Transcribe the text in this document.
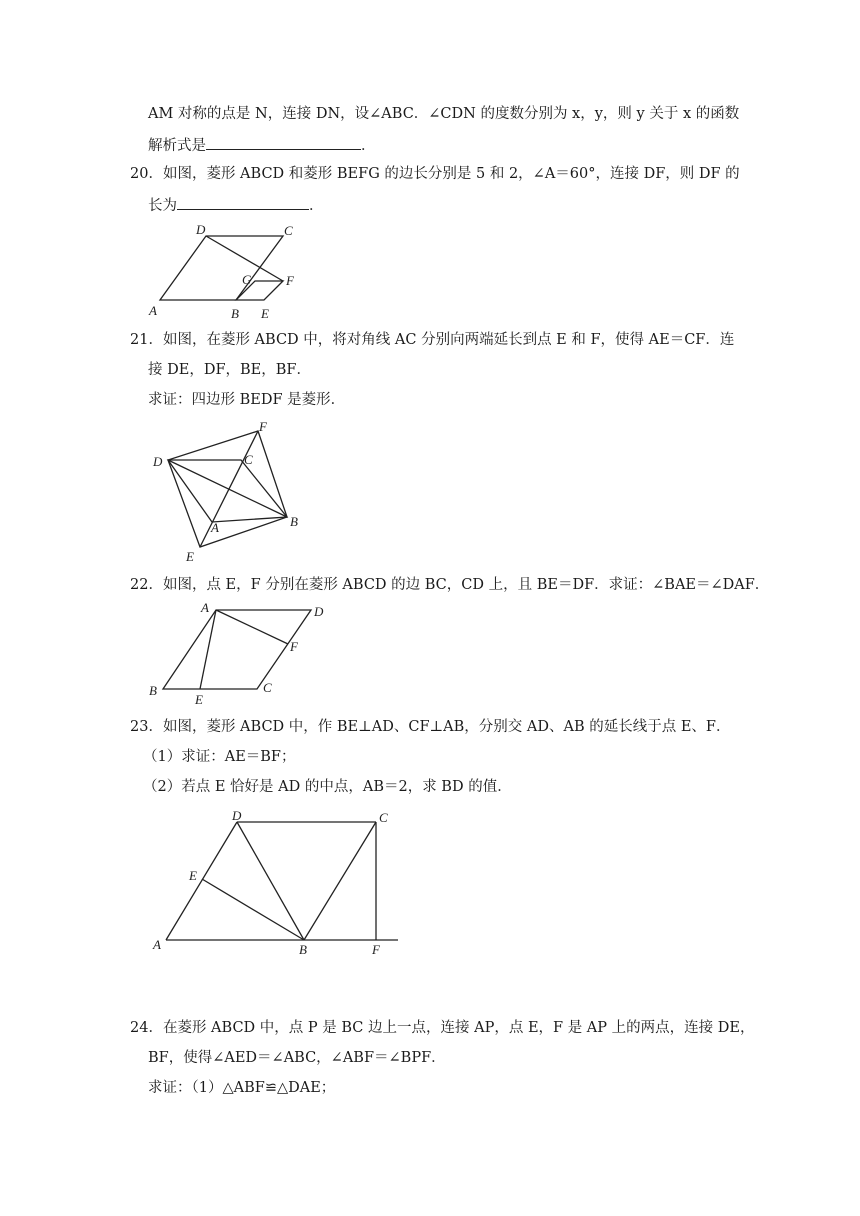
AM 对称的点是 N，连接 DN，设∠ABC．∠CDN 的度数分别为 x，y，则 y 关于 x 的函数
解析式是	．
20．如图，菱形 ABCD 和菱形 BEFG 的边长分别是 5 和 2，∠A＝60°，连接 DF，则 DF 的
长为	．
A	B
C
D
E
F
G
21．如图，在菱形 ABCD 中，将对角线 AC 分别向两端延长到点 E 和 F，使得 AE＝CF．连
接 DE，DF，BE，BF．
求证：四边形 BEDF 是菱形．
D	C
F
A	B
E
22．如图，点 E，F 分别在菱形 ABCD 的边 BC，CD 上，且 BE＝DF．求证：∠BAE＝∠DAF．
A	D
F
C
B
E
23．如图，菱形 ABCD 中，作 BE⊥AD、CF⊥AB，分别交 AD、AB 的延长线于点 E、F．
（1）求证：AE＝BF；
（2）若点 E 恰好是 AD 的中点，AB＝2，求 BD 的值．
D	C
E
A	B	F
24．在菱形 ABCD 中，点 P 是 BC 边上一点，连接 AP，点 E，F 是 AP 上的两点，连接 DE，
BF，使得∠AED＝∠ABC，∠ABF＝∠BPF．
求证：（1）△ABF≌△DAE；
